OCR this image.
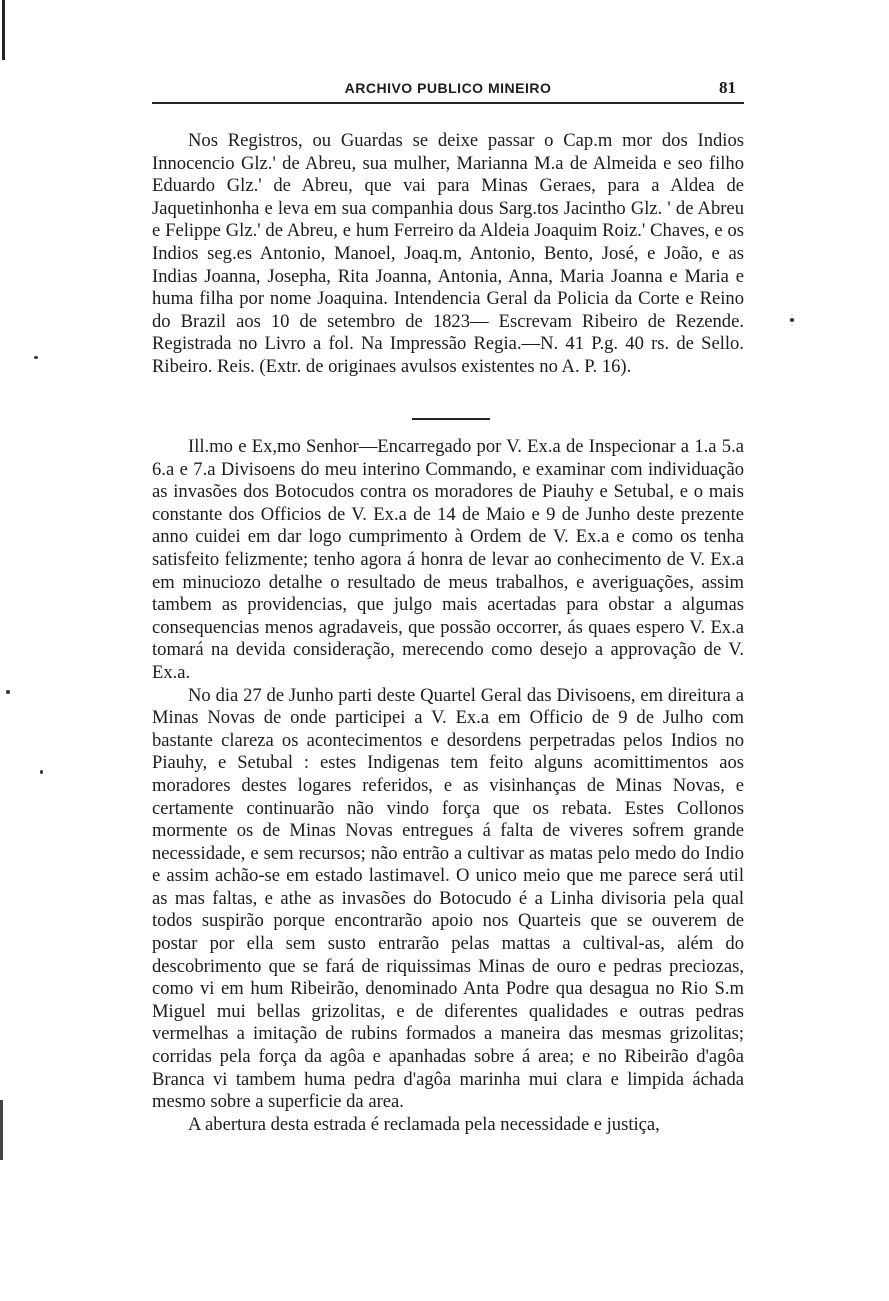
ARCHIVO PUBLICO MINEIRO	81

Nos Registros, ou Guardas se deixe passar o Cap.m mor dos Indios Innocencio Glz.' de Abreu, sua mulher, Marianna M.a de Almeida e seo filho Eduardo Glz.' de Abreu, que vai para Minas Geraes, para a Aldea de Jaquetinhonha e leva em sua companhia dous Sarg.tos Jacintho Glz. ' de Abreu e Felippe Glz.' de Abreu, e hum Ferreiro da Aldeia Joaquim Roiz.' Chaves, e os Indios seg.es Antonio, Manoel, Joaq.m, Antonio, Bento, José, e João, e as Indias Joanna, Josepha, Rita Joanna, Antonia, Anna, Maria Joanna e Maria e huma filha por nome Joaquina. Intendencia Geral da Policia da Corte e Reino do Brazil aos 10 de setembro de 1823— Escrevam Ribeiro de Rezende. Registrada no Livro a fol. Na Impressão Regia.—N. 41 P.g. 40 rs. de Sello. Ribeiro. Reis. (Extr. de originaes avulsos existentes no A. P. 16).

Ill.mo e Ex,mo Senhor—Encarregado por V. Ex.a de Inspecionar a 1.a 5.a 6.a e 7.a Divisoens do meu interino Commando, e examinar com individuação as invasões dos Botocudos contra os moradores de Piauhy e Setubal, e o mais constante dos Officios de V. Ex.a de 14 de Maio e 9 de Junho deste prezente anno cuidei em dar logo cumprimento à Ordem de V. Ex.a e como os tenha satisfeito felizmente; tenho agora á honra de levar ao conhecimento de V. Ex.a em minuciozo detalhe o resultado de meus trabalhos, e averiguações, assim tambem as providencias, que julgo mais acertadas para obstar a algumas consequencias menos agradaveis, que possão occorrer, ás quaes espero V. Ex.a tomará na devida consideração, merecendo como desejo a approvação de V. Ex.a.

No dia 27 de Junho parti deste Quartel Geral das Divisoens, em direitura a Minas Novas de onde participei a V. Ex.a em Officio de 9 de Julho com bastante clareza os acontecimentos e desordens perpetradas pelos Indios no Piauhy, e Setubal : estes Indigenas tem feito alguns acomittimentos aos moradores destes logares referidos, e as visinhanças de Minas Novas, e certamente continuarão não vindo força que os rebata. Estes Collonos mormente os de Minas Novas entregues á falta de viveres sofrem grande necessidade, e sem recursos; não entrão a cultivar as matas pelo medo do Indio e assim achão-se em estado lastimavel. O unico meio que me parece será util as mas faltas, e athe as invasões do Botocudo é a Linha divisoria pela qual todos suspirão porque encontrarão apoio nos Quarteis que se ouverem de postar por ella sem susto entrarão pelas mattas a cultival-as, além do descobrimento que se fará de riquissimas Minas de ouro e pedras preciozas, como vi em hum Ribeirão, denominado Anta Podre qua desagua no Rio S.m Miguel mui bellas grizolitas, e de diferentes qualidades e outras pedras vermelhas a imitação de rubins formados a maneira das mesmas grizolitas; corridas pela força da agôa e apanhadas sobre á area; e no Ribeirão d'agôa Branca vi tambem huma pedra d'agôa marinha mui clara e limpida áchada mesmo sobre a superficie da area.

A abertura desta estrada é reclamada pela necessidade e justiça,
